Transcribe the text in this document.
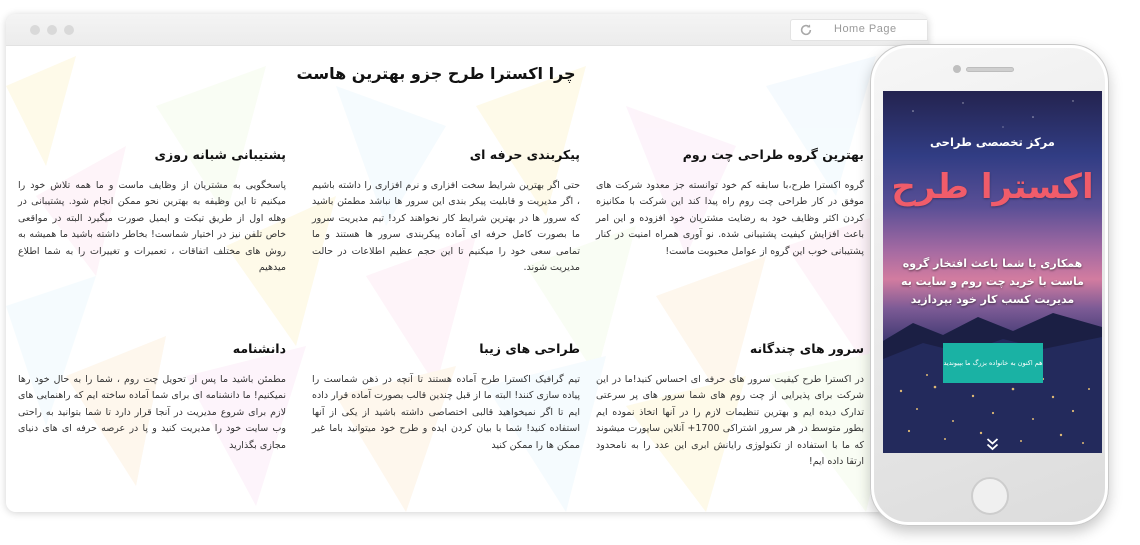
Home Page
چرا اکسترا طرح جزو بهترین هاست
بهترین گروه طراحی چت روم

گروه اکسترا طرح،با سابقه کم خود توانسته جز معدود شرکت های موفق در کار طراحی چت روم راه پیدا کند این شرکت با مکانیزه کردن اکثر وظایف خود به رضایت مشتریان خود افزوده و این امر باعث افزایش کیفیت پشتیبانی شده. نو آوری همراه امنیت در کنار پشتیبانی خوب این گروه از عوامل محبوبت ماست!

پیکربندی حرفه ای

حتی اگر بهترین شرایط سخت افزاری و نرم افزاری را داشته باشیم ، اگر مدیریت و قابلیت پیکر بندی این سرور ها نباشد مطمئن باشید که سرور ها در بهترین شرایط کار نخواهند کرد! تیم مدیریت سرور ما بصورت کامل حرفه ای آماده پیکربندی سرور ها هستند و ما تمامی سعی خود را میکنیم تا این حجم عظیم اطلاعات در حالت مدیریت شوند.

پشتیبانی شبانه روزی

پاسخگویی به مشتریان از وظایف ماست و ما همه تلاش خود را میکنیم تا این وظیفه به بهترین نحو ممکن انجام شود. پشتیبانی در وهله اول از طریق تیکت و ایمیل صورت میگیرد البته در مواقعی خاص تلفن نیز در اختیار شماست! بخاطر داشته باشید ما همیشه به روش های مختلف اتفاقات ، تعمیرات و تغییرات را به شما اطلاع میدهیم

سرور های چندگانه

در اکسترا طرح کیفیت سرور های حرفه ای احساس کنید!ما در این شرکت برای پذیرایی از چت روم های شما سرور های پر سرعتی تدارک دیده ایم و بهترین تنظیمات لازم را در آنها اتخاذ نموده ایم بطور متوسط در هر سرور اشتراکی 1700+ آنلاین ساپورت میشوند که ما با استفاده از تکنولوژی رایانش ابری این عدد را به نامحدود ارتقا داده ایم!

طراحی های زیبا

تیم گرافیک اکسترا طرح آماده هستند تا آنچه در ذهن شماست را پیاده سازی کنند! البته ما از قبل چندین قالب بصورت آماده قرار داده ایم تا اگر نمیخواهید قالبی اختصاصی داشته باشید از یکی از آنها استفاده کنید! شما با بیان کردن ایده و طرح خود میتوانید باما غیر ممکن ها را ممکن کنید

دانشنامه

مطمئن باشید ما پس از تحویل چت روم ، شما را به حال خود رها نمیکنیم! ما دانشنامه ای برای شما آماده ساخته ایم که راهنمایی های لازم برای شروع مدیریت در آنجا قرار دارد تا شما بتوانید به راحتی وب سایت خود را مدیریت کنید و پا در عرصه حرفه ای های دنیای مجازی بگذارید

مرکز تخصصی طراحی
اکسترا طرح
همکاری با شما باعث افتخار گروه ماست با خرید چت روم و سایت به مدیریت کسب کار خود بپردازید
هم اکنون به خانواده بزرگ ما بپیوندید
